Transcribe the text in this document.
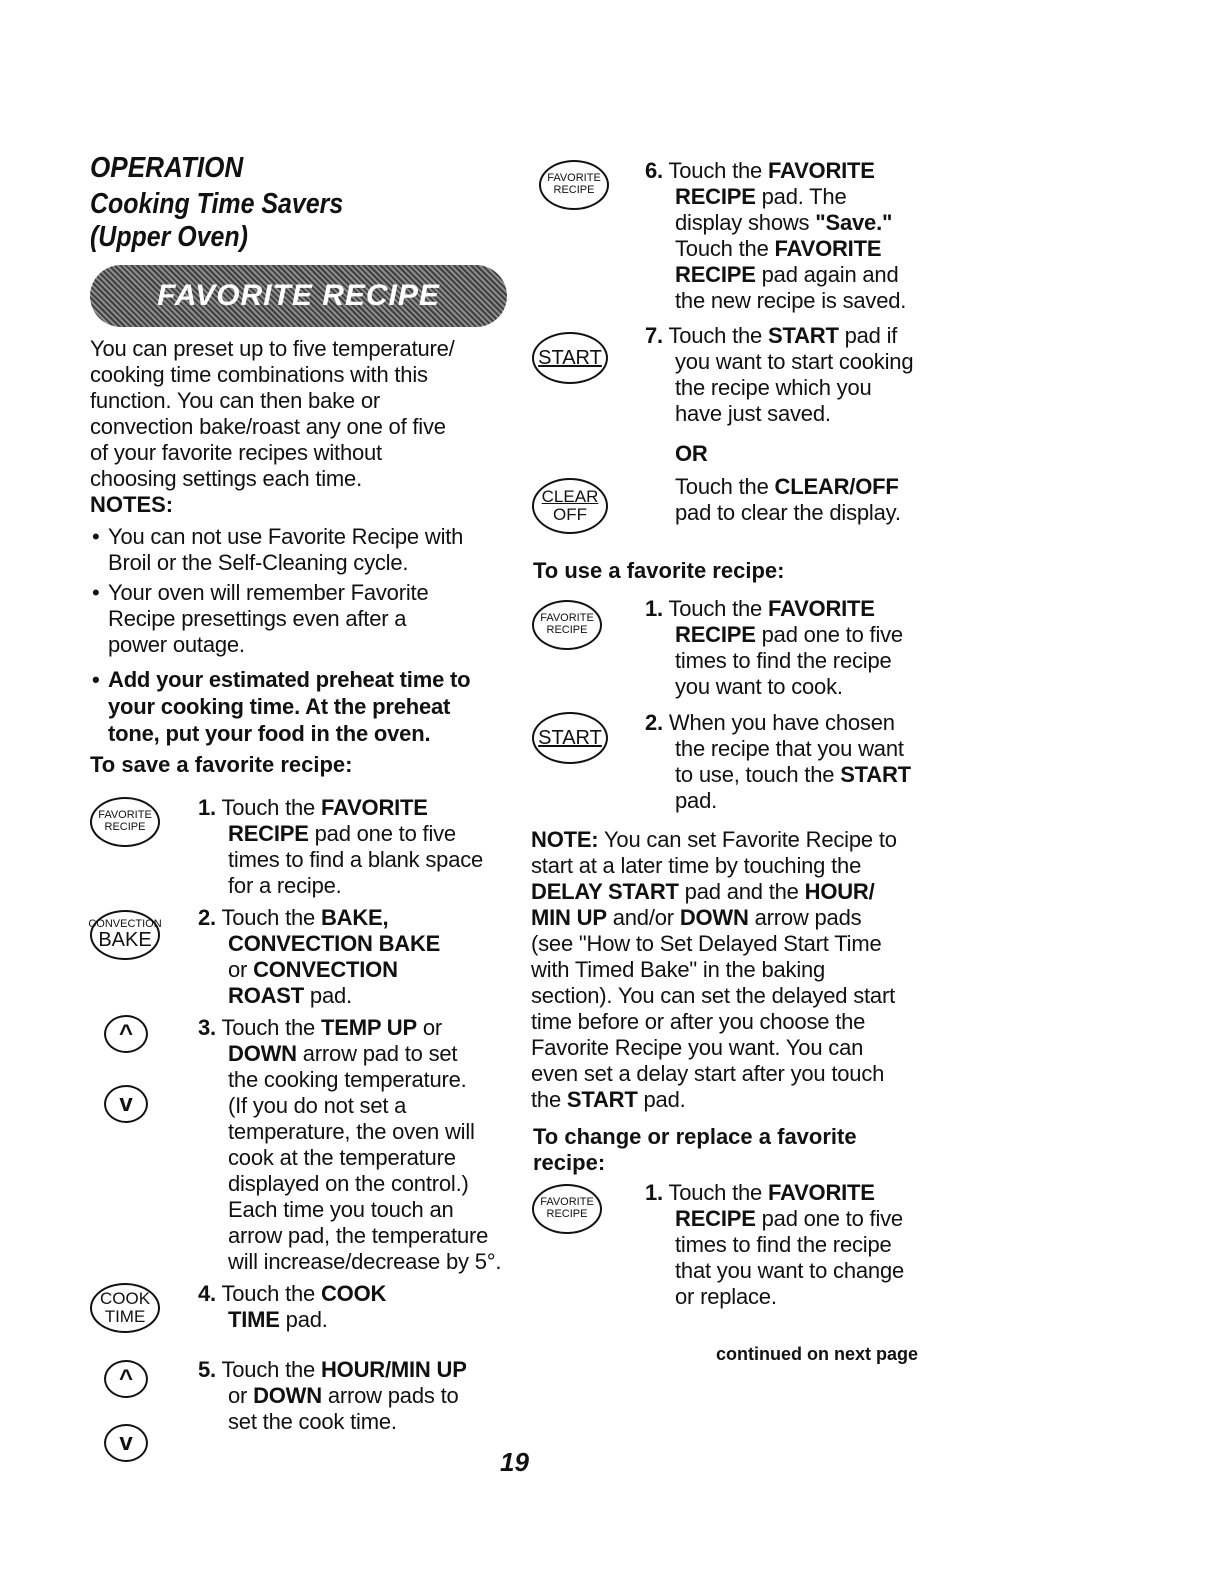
OPERATION
Cooking Time Savers
(Upper Oven)
FAVORITE RECIPE
You can preset up to five temperature/
cooking time combinations with this
function. You can then bake or
convection bake/roast any one of five
of your favorite recipes without
choosing settings each time.
NOTES:
• You can not use Favorite Recipe with
Broil or the Self-Cleaning cycle.
• Your oven will remember Favorite
Recipe presettings even after a
power outage.
• Add your estimated preheat time to
your cooking time. At the preheat
tone, put your food in the oven.
To save a favorite recipe:
FAVORITE
RECIPE
CONVECTION
BAKE
^
v
COOK
TIME
^
v
1. Touch the FAVORITE
RECIPE pad one to five
times to find a blank space
for a recipe.
2. Touch the BAKE,
CONVECTION BAKE
or CONVECTION
ROAST pad.
3. Touch the TEMP UP or
DOWN arrow pad to set
the cooking temperature.
(If you do not set a
temperature, the oven will
cook at the temperature
displayed on the control.)
Each time you touch an
arrow pad, the temperature
will increase/decrease by 5°.
4. Touch the COOK
TIME pad.
5. Touch the HOUR/MIN UP
or DOWN arrow pads to
set the cook time.
FAVORITE
RECIPE
START
CLEAR
OFF
FAVORITE
RECIPE
START
FAVORITE
RECIPE
6. Touch the FAVORITE
RECIPE pad. The
display shows "Save."
Touch the FAVORITE
RECIPE pad again and
the new recipe is saved.
7. Touch the START pad if
you want to start cooking
the recipe which you
have just saved.
OR
Touch the CLEAR/OFF
pad to clear the display.
To use a favorite recipe:
1. Touch the FAVORITE
RECIPE pad one to five
times to find the recipe
you want to cook.
2. When you have chosen
the recipe that you want
to use, touch the START
pad.
NOTE: You can set Favorite Recipe to
start at a later time by touching the
DELAY START pad and the HOUR/
MIN UP and/or DOWN arrow pads
(see "How to Set Delayed Start Time
with Timed Bake" in the baking
section). You can set the delayed start
time before or after you choose the
Favorite Recipe you want. You can
even set a delay start after you touch
the START pad.
To change or replace a favorite
recipe:
1. Touch the FAVORITE
RECIPE pad one to five
times to find the recipe
that you want to change
or replace.
continued on next page
19
